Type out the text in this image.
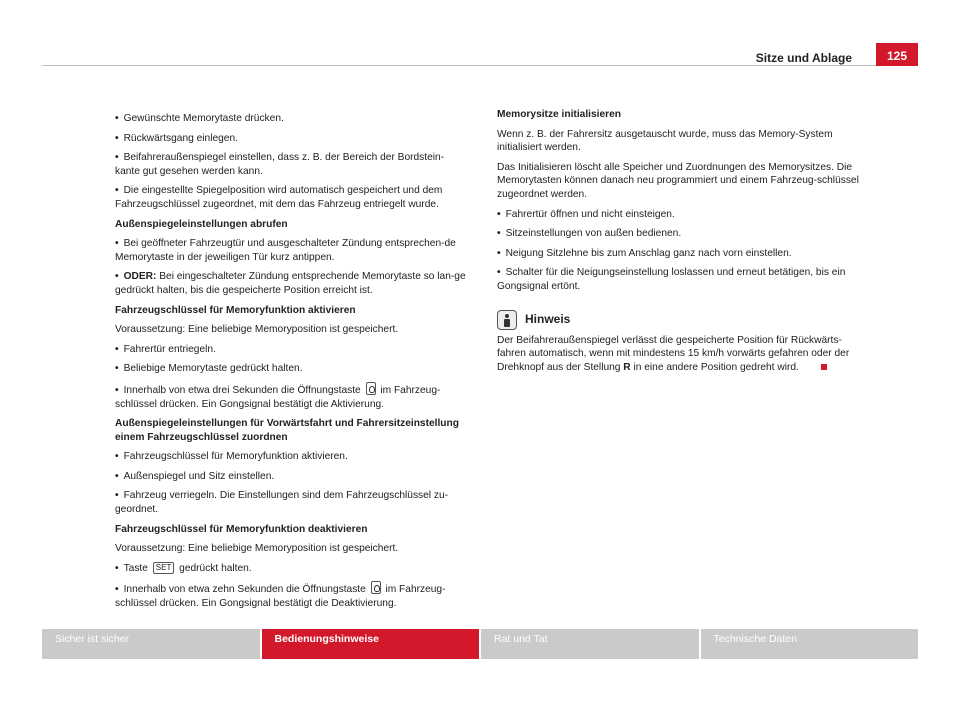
Sitze und Ablage	125
• Gewünschte Memorytaste drücken.
• Rückwärtsgang einlegen.
• Beifahreraußenspiegel einstellen, dass z. B. der Bereich der Bordstein-kante gut gesehen werden kann.
• Die eingestellte Spiegelposition wird automatisch gespeichert und dem Fahrzeugschlüssel zugeordnet, mit dem das Fahrzeug entriegelt wurde.
Außenspiegeleinstellungen abrufen
• Bei geöffneter Fahrzeugtür und ausgeschalteter Zündung entsprechen-de Memorytaste in der jeweiligen Tür kurz antippen.
• ODER: Bei eingeschalteter Zündung entsprechende Memorytaste so lan-ge gedrückt halten, bis die gespeicherte Position erreicht ist.
Fahrzeugschlüssel für Memoryfunktion aktivieren
Voraussetzung: Eine beliebige Memoryposition ist gespeichert.
• Fahrertür entriegeln.
• Beliebige Memorytaste gedrückt halten.
• Innerhalb von etwa drei Sekunden die Öffnungstaste  im Fahrzeug-schlüssel drücken. Ein Gongsignal bestätigt die Aktivierung.
Außenspiegeleinstellungen für Vorwärtsfahrt und Fahrersitzeinstellung einem Fahrzeugschlüssel zuordnen
• Fahrzeugschlüssel für Memoryfunktion aktivieren.
• Außenspiegel und Sitz einstellen.
• Fahrzeug verriegeln. Die Einstellungen sind dem Fahrzeugschlüssel zu-geordnet.
Fahrzeugschlüssel für Memoryfunktion deaktivieren
Voraussetzung: Eine beliebige Memoryposition ist gespeichert.
• Taste SET gedrückt halten.
• Innerhalb von etwa zehn Sekunden die Öffnungstaste  im Fahrzeug-schlüssel drücken. Ein Gongsignal bestätigt die Deaktivierung.
Memorysitze initialisieren
Wenn z. B. der Fahrersitz ausgetauscht wurde, muss das Memory-System initialisiert werden.
Das Initialisieren löscht alle Speicher und Zuordnungen des Memorysitzes. Die Memorytasten können danach neu programmiert und einem Fahrzeug-schlüssel zugeordnet werden.
• Fahrertür öffnen und nicht einsteigen.
• Sitzeinstellungen von außen bedienen.
• Neigung Sitzlehne bis zum Anschlag ganz nach vorn einstellen.
• Schalter für die Neigungseinstellung loslassen und erneut betätigen, bis ein Gongsignal ertönt.
Hinweis
Der Beifahreraußenspiegel verlässt die gespeicherte Position für Rückwärts-fahren automatisch, wenn mit mindestens 15 km/h vorwärts gefahren oder der Drehknopf aus der Stellung R in eine andere Position gedreht wird.
Sicher ist sicher	Bedienungshinweise	Rat und Tat	Technische Daten
